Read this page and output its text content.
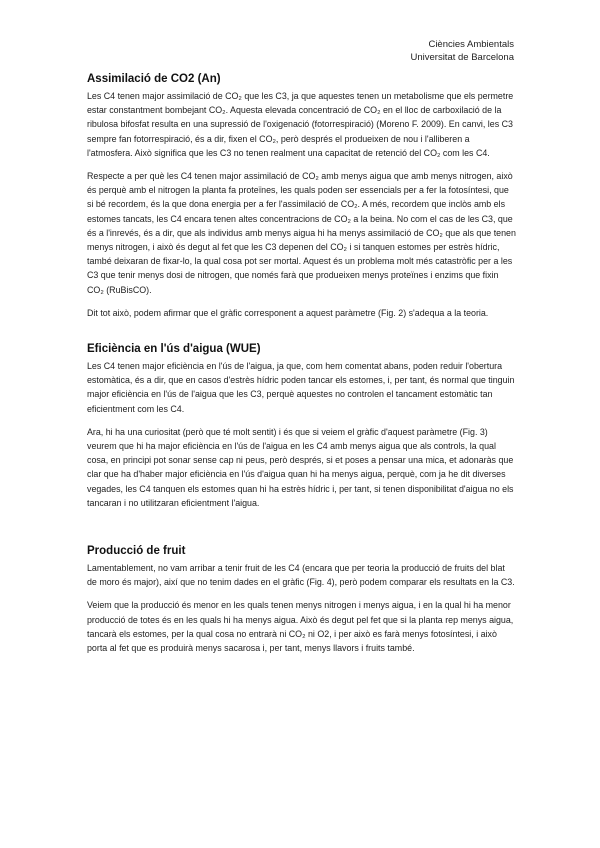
Ciències Ambientals
Universitat de Barcelona
Assimilació de CO2 (An)

Les C4 tenen major assimilació de CO₂ que les C3, ja que aquestes tenen un metabolisme que els permetre estar constantment bombejant CO₂. Aquesta elevada concentració de CO₂ en el lloc de carboxilació de la ribulosa bifosfat resulta en una supressió de l'oxigenació (fotorrespiració) (Moreno F. 2009). En canvi, les C3 sempre fan fotorrespiració, és a dir, fixen el CO₂, però després el produeixen de nou i l'alliberen a l'atmosfera. Això significa que les C3 no tenen realment una capacitat de retenció del CO₂ com les C4.

Respecte a per què les C4 tenen major assimilació de CO₂ amb menys aigua que amb menys nitrogen, això és perquè amb el nitrogen la planta fa proteïnes, les quals poden ser essencials per a fer la fotosíntesi, que si bé recordem, és la que dona energia per a fer l'assimilació de CO₂. A més, recordem que inclòs amb els estomes tancats, les C4 encara tenen altes concentracions de CO₂ a la beina. No com el cas de les C3, que és a l'inrevés, és a dir, que als individus amb menys aigua hi ha menys assimilació de CO₂ que als que tenen menys nitrogen, i això és degut al fet que les C3 depenen del CO₂ i si tanquen estomes per estrès hídric, també deixaran de fixar-lo, la qual cosa pot ser mortal. Aquest és un problema molt més catastròfic per a les C3 que tenir menys dosi de nitrogen, que només farà que produeixen menys proteïnes i enzims que fixin CO₂ (RuBisCO).

Dit tot això, podem afirmar que el gràfic corresponent a aquest paràmetre (Fig. 2) s'adequa a la teoria.

Eficiència en l'ús d'aigua (WUE)

Les C4 tenen major eficiència en l'ús de l'aigua, ja que, com hem comentat abans, poden reduir l'obertura estomàtica, és a dir, que en casos d'estrès hídric poden tancar els estomes, i, per tant, és normal que tinguin major eficiència en l'ús de l'aigua que les C3, perquè aquestes no controlen el tancament estomàtic tan eficientment com les C4.

Ara, hi ha una curiositat (però que té molt sentit) i és que si veiem el gràfic d'aquest paràmetre (Fig. 3) veurem que hi ha major eficiència en l'ús de l'aigua en les C4 amb menys aigua que als controls, la qual cosa, en principi pot sonar sense cap ni peus, però després, si et poses a pensar una mica, et adonaràs que clar que ha d'haber major eficiència en l'ús d'aigua quan hi ha menys aigua, perquè, com ja he dit diverses vegades, les C4 tanquen els estomes quan hi ha estrès hídric i, per tant, si tenen disponibilitat d'aigua no els tancaran i no utilitzaran eficientment l'aigua.

Producció de fruit

Lamentablement, no vam arribar a tenir fruit de les C4 (encara que per teoria la producció de fruits del blat de moro és major), així que no tenim dades en el gràfic (Fig. 4), però podem comparar els resultats en la C3.

Veiem que la producció és menor en les quals tenen menys nitrogen i menys aigua, i en la qual hi ha menor producció de totes és en les quals hi ha menys aigua. Això és degut pel fet que si la planta rep menys aigua, tancarà els estomes, per la qual cosa no entrarà ni CO₂ ni O2, i per això es farà menys fotosíntesi, i això porta al fet que es produirà menys sacarosa i, per tant, menys llavors i fruits també.
